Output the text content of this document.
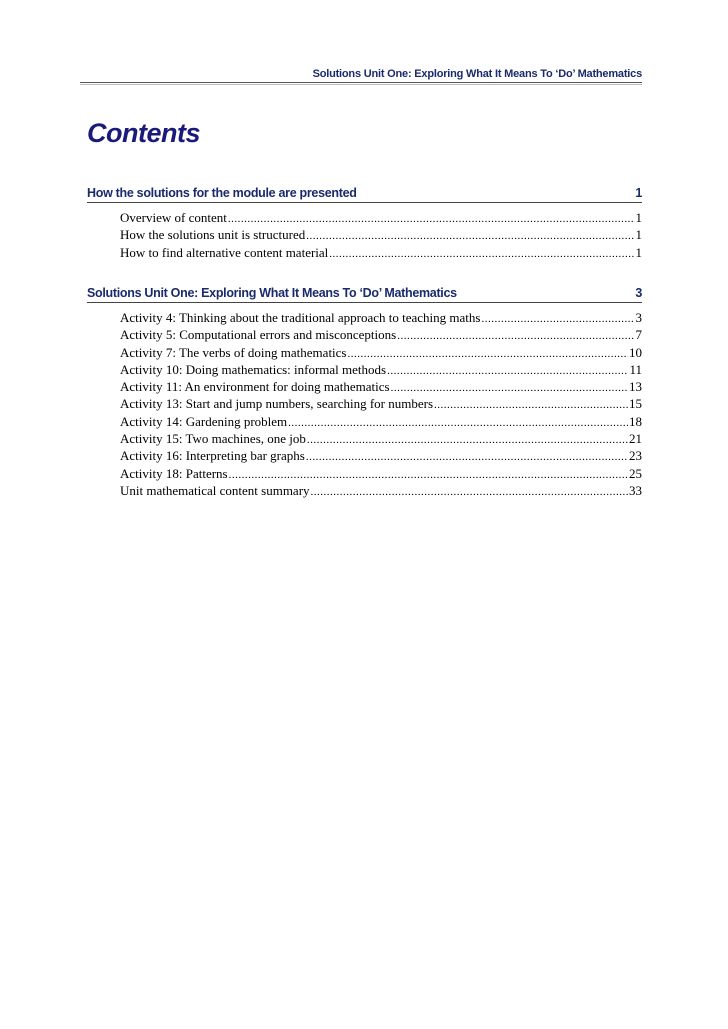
Solutions Unit One: Exploring What It Means To ‘Do’ Mathematics
Contents
How the solutions for the module are presented	1
Overview of content .....	1
How the solutions unit is structured .....	1
How to find alternative content material .....	1
Solutions Unit One: Exploring What It Means To ‘Do’ Mathematics	3
Activity 4: Thinking about the traditional approach to teaching maths .....	3
Activity 5: Computational errors and misconceptions .....	7
Activity 7: The verbs of doing mathematics .....	10
Activity 10: Doing mathematics: informal methods .....	11
Activity 11: An environment for doing mathematics .....	13
Activity 13: Start and jump numbers, searching for numbers .....	15
Activity 14: Gardening problem .....	18
Activity 15: Two machines, one job .....	21
Activity 16: Interpreting bar graphs .....	23
Activity 18: Patterns .....	25
Unit mathematical content summary .....	33
